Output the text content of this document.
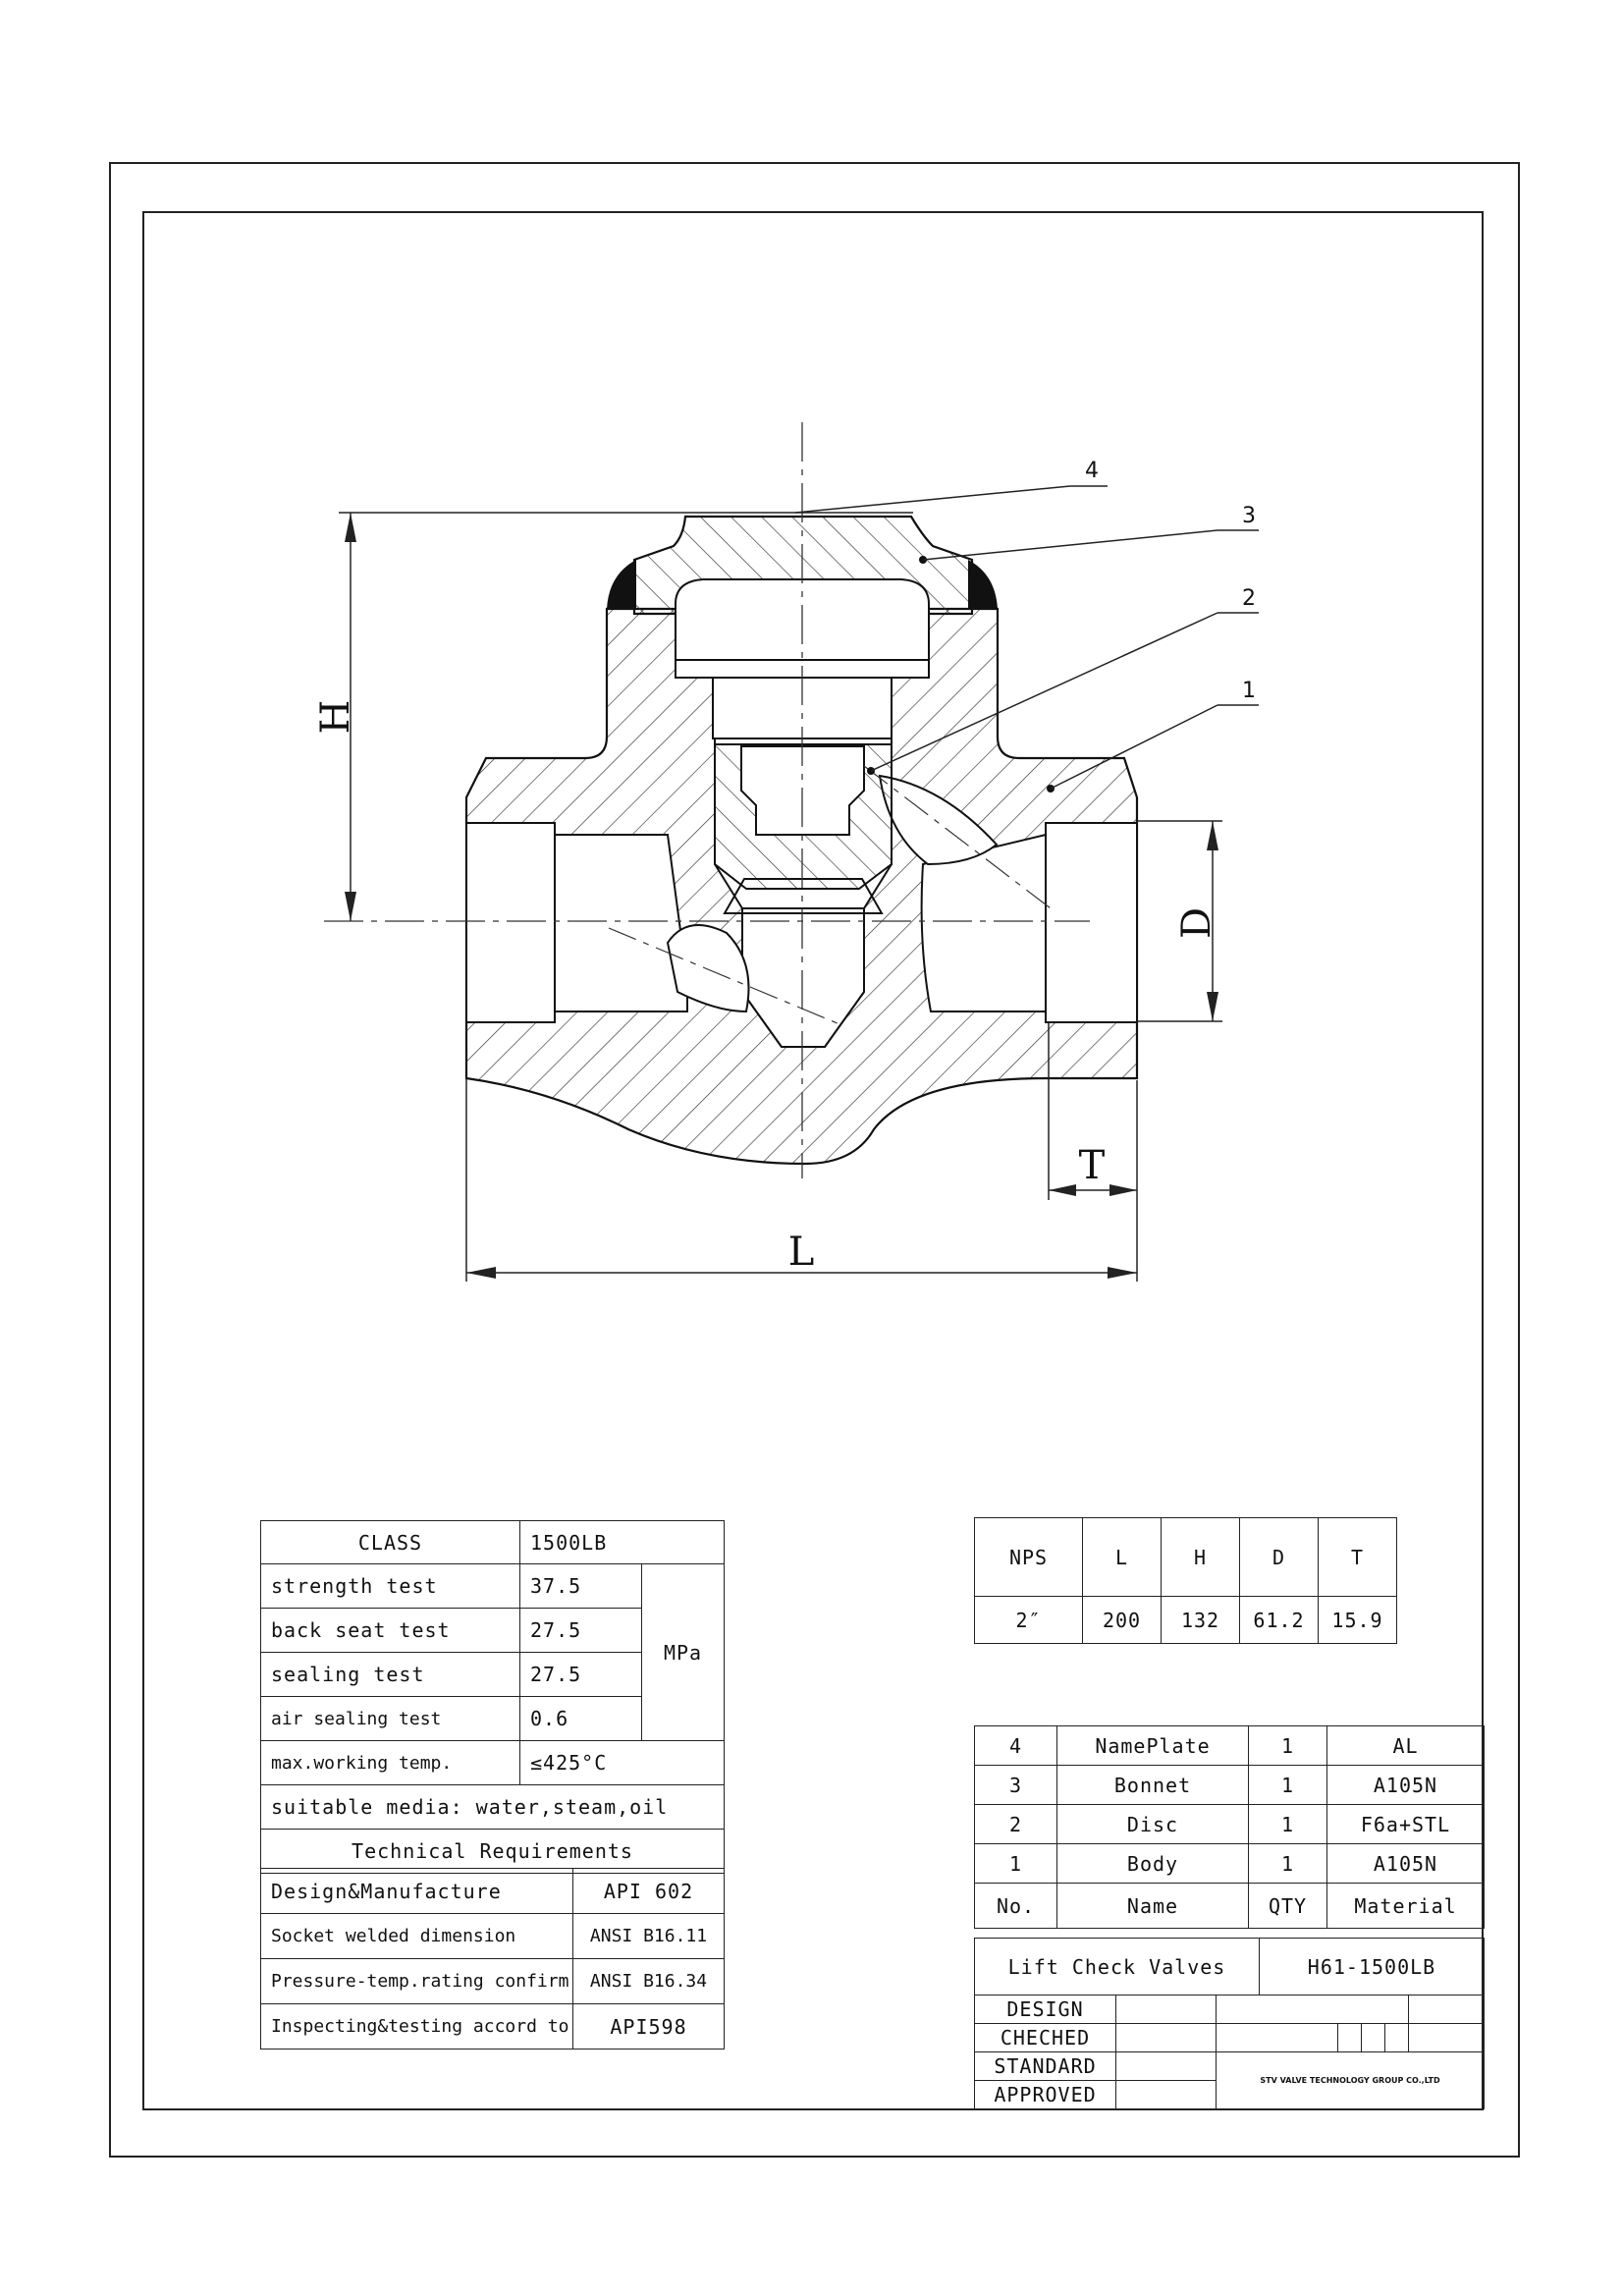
H
D
T
L
4
3
2
1
CLASS	1500LB	
strength test	37.5	MPa
back seat test	27.5	
sealing test	27.5	
air sealing test	0.6	
max.working temp.	≤425°C	
suitable media: water,steam,oil		
Technical Requirements		
Design&Manufacture	API 602
Socket welded dimension	ANSI B16.11
Pressure-temp.rating confirm	ANSI B16.34
Inspecting&testing accord to	API598
NPS	L	H	D	T
2″	200	132	61.2	15.9
4	NamePlate	1	AL
3	Bonnet	1	A105N
2	Disc	1	F6a+STL
1	Body	1	A105N
No.	Name	QTY	Material
Lift Check Valves	H61-1500LB
DESIGN						
CHECHED						
STANDARD		STV VALVE TECHNOLOGY GROUP CO.,LTD				
APPROVED						
